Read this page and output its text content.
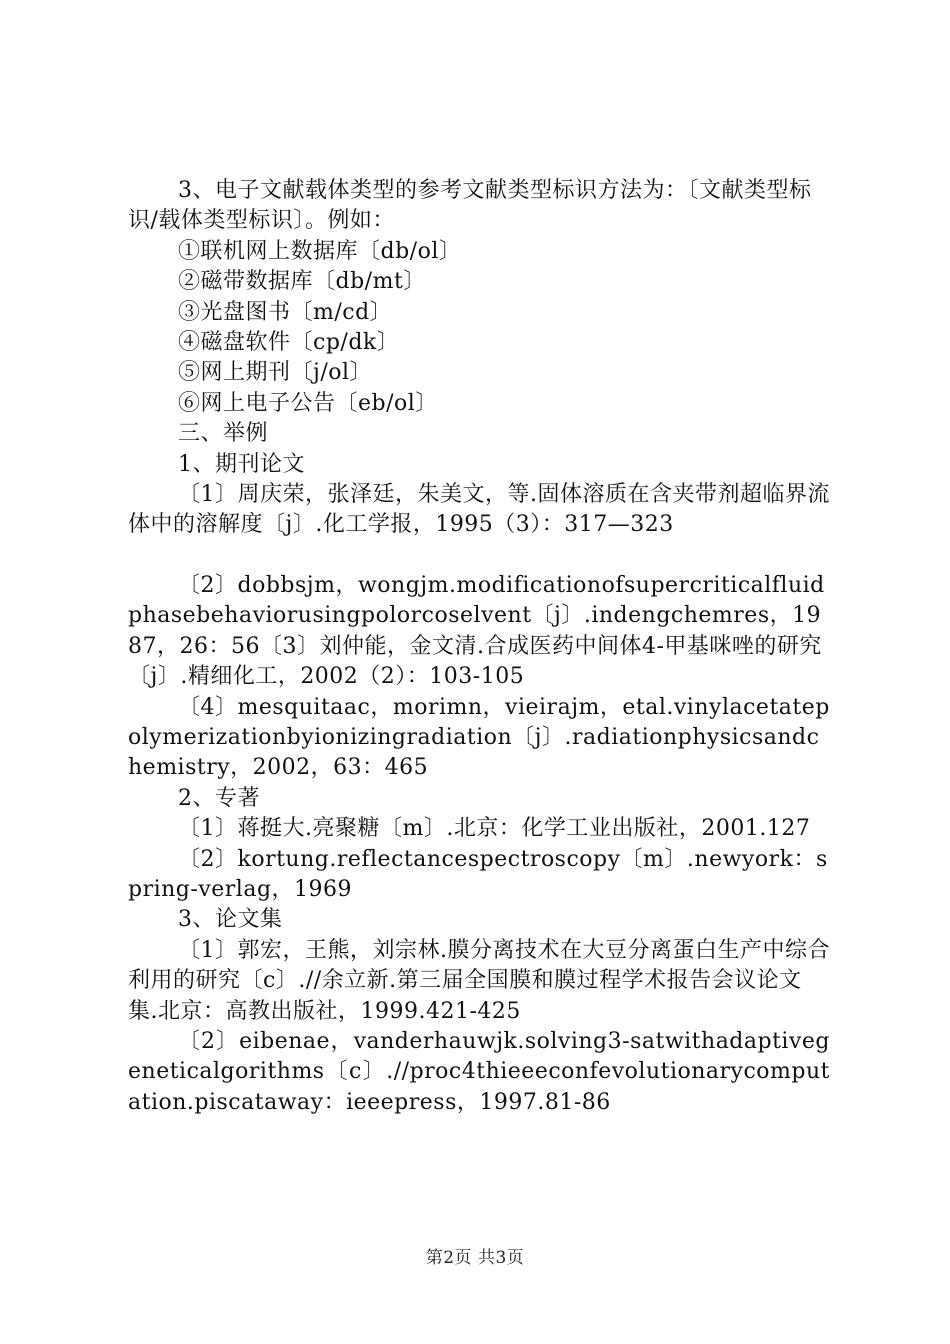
3、电子文献载体类型的参考文献类型标识方法为：〔文献类型标识/载体类型标识〕。例如：

①联机网上数据库〔db/ol〕

②磁带数据库〔db/mt〕

③光盘图书〔m/cd〕

④磁盘软件〔cp/dk〕

⑤网上期刊〔j/ol〕

⑥网上电子公告〔eb/ol〕

三、举例

1、期刊论文

〔1〕周庆荣，张泽廷，朱美文，等.固体溶质在含夹带剂超临界流体中的溶解度〔j〕.化工学报，1995（3）：317—323

〔2〕dobbsjm，wongjm.modificationofsupercriticalfluidphasebehaviorusingpolorcoselvent〔j〕.indengchemres，1987，26：56〔3〕刘仲能，金文清.合成医药中间体4-甲基咪唑的研究〔j〕.精细化工，2002（2）：103-105

〔4〕mesquitaac，morimn，vieirajm，etal.vinylacetatepolymerizationbyionizingradiation〔j〕.radiationphysicsandchemistry，2002，63：465

2、专著

〔1〕蒋挺大.亮聚糖〔m〕.北京：化学工业出版社，2001.127

〔2〕kortung.reflectancespectroscopy〔m〕.newyork：spring-verlag，1969

3、论文集

〔1〕郭宏，王熊，刘宗林.膜分离技术在大豆分离蛋白生产中综合利用的研究〔c〕.//余立新.第三届全国膜和膜过程学术报告会议论文集.北京：高教出版社，1999.421-425

〔2〕eibenae，vanderhauwjk.solving3-satwithadaptivegeneticalgorithms〔c〕.//proc4thieeeconfevolutionarycomputation.piscataway：ieeepress，1997.81-86

第2页 共3页
